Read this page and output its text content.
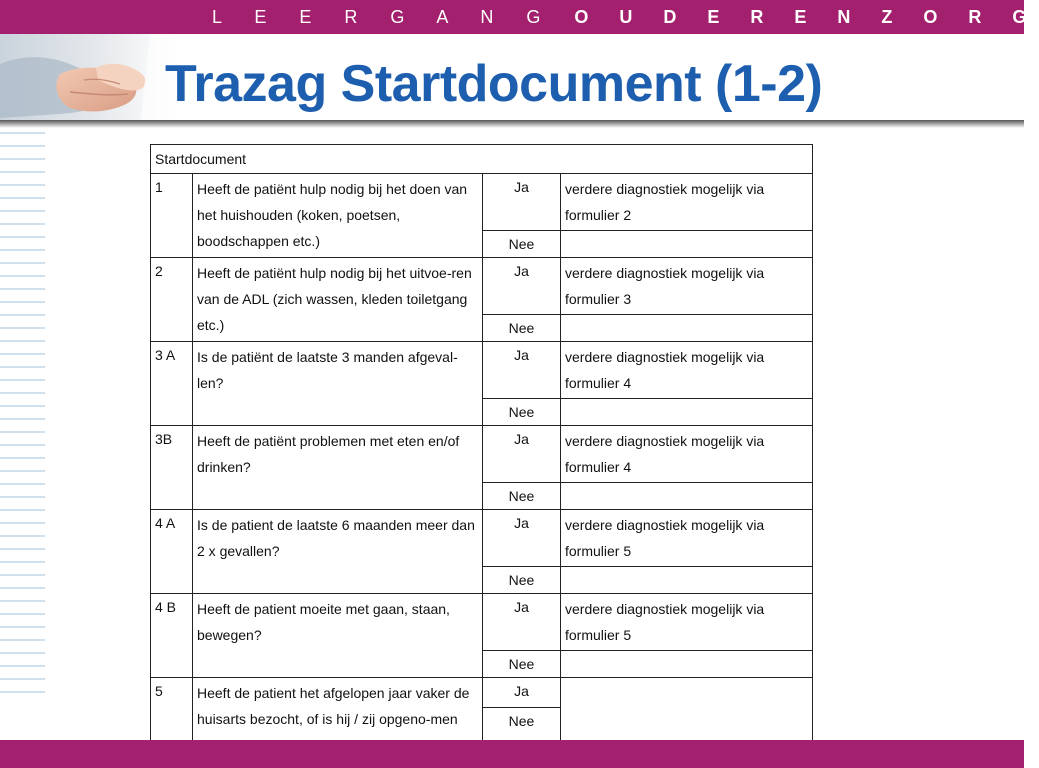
L E E R G A N G O U D E R E N Z O R G
Trazag Startdocument (1-2)
Startdocument			
1	Heeft de patiënt hulp nodig bij het doen van het huishouden (koken, poetsen, boodschappen etc.)	Ja	verdere diagnostiek mogelijk via formulier 2
		Nee	
2	Heeft de patiënt hulp nodig bij het uitvoe-ren van de ADL (zich wassen, kleden toiletgang etc.)	Ja	verdere diagnostiek mogelijk via formulier 3
		Nee	
3 A	Is de patiënt de laatste 3 manden afgeval-len?	Ja	verdere diagnostiek mogelijk via formulier 4
		Nee	
3B	Heeft de patiënt problemen met eten en/of drinken?	Ja	verdere diagnostiek mogelijk via formulier 4
		Nee	
4 A	Is de patient de laatste 6 maanden meer dan 2 x gevallen?	Ja	verdere diagnostiek mogelijk via formulier 5
		Nee	
4 B	Heeft de patient moeite met gaan, staan, bewegen?	Ja	verdere diagnostiek mogelijk via formulier 5
		Nee	
5	Heeft de patient het afgelopen jaar vaker de huisarts bezocht, of is hij / zij opgeno-men	Ja	
		Nee	
